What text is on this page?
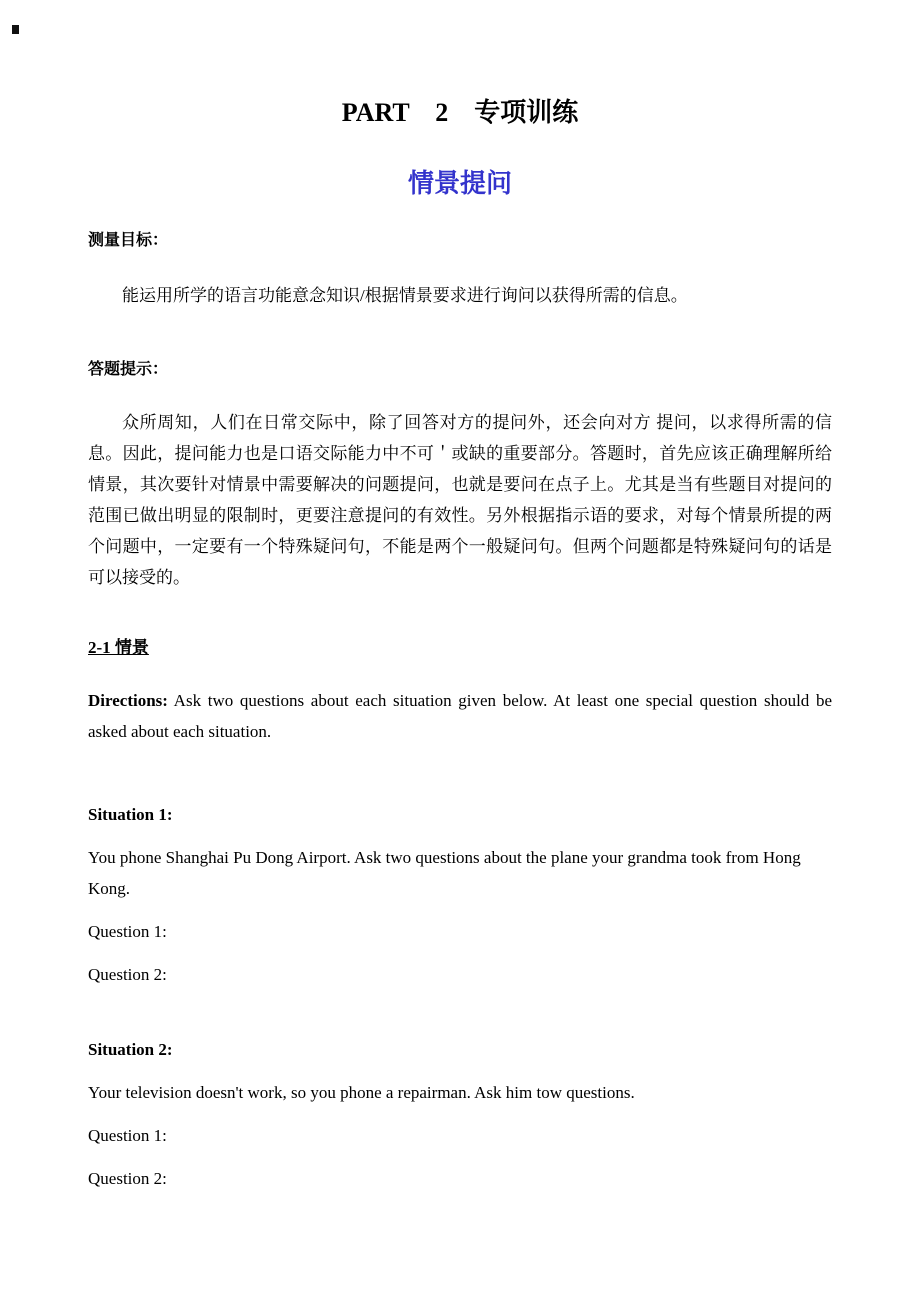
PART　2　专项训练
情景提问

测量目标：

能运用所学的语言功能意念知识/根据情景要求进行询问以获得所需的信息。

答题提示：

众所周知，人们在日常交际中，除了回答对方的提问外，还会向对方 提问，以求得所需的信息。因此，提问能力也是口语交际能力中不可＇或缺的重要部分。答题时，首先应该正确理解所给情景，其次要针对情景中需要解决的问题提问，也就是要问在点子上。尤其是当有些题目对提问的范围已做出明显的限制时，更要注意提问的有效性。另外根据指示语的要求，对每个情景所提的两个问题中，一定要有一个特殊疑问句，不能是两个一般疑问句。但两个问题都是特殊疑问句的话是可以接受的。

2-1 情景

Directions: Ask two questions about each situation given below. At least one special question should be asked about each situation.

Situation 1:

You phone Shanghai Pu Dong Airport. Ask two questions about the plane your grandma took from Hong Kong.

Question 1:

Question 2:

Situation 2:

Your television doesn't work, so you phone a repairman. Ask him tow questions.

Question 1:

Question 2:
